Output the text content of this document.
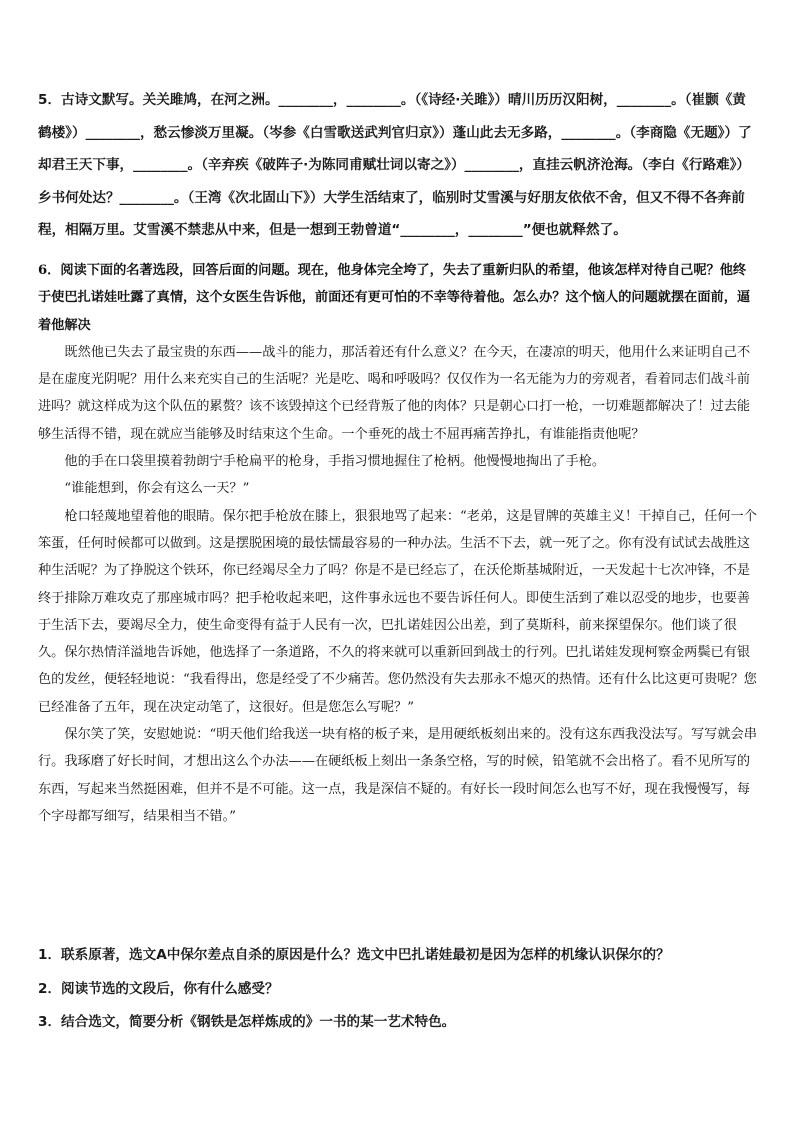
5．古诗文默写。关关雎鸠，在河之洲。________，________。（《诗经·关雎》）晴川历历汉阳树，________。（崔颢《黄鹤楼》）________，愁云惨淡万里凝。（岑参《白雪歌送武判官归京》）蓬山此去无多路，________。（李商隐《无题》）了却君王天下事，________。（辛弃疾《破阵子·为陈同甫赋壮词以寄之》）________，直挂云帆济沧海。（李白《行路难》）乡书何处达？________。（王湾《次北固山下》）大学生活结束了，临别时艾雪溪与好朋友依依不舍，但又不得不各奔前程，相隔万里。艾雪溪不禁悲从中来，但是一想到王勃曾道“________，________”便也就释然了。

6．阅读下面的名著选段，回答后面的问题。现在，他身体完全垮了，失去了重新归队的希望，他该怎样对待自己呢？他终于使巴扎诺娃吐露了真情，这个女医生告诉他，前面还有更可怕的不幸等待着他。怎么办？这个恼人的问题就摆在面前，逼着他解决

既然他已失去了最宝贵的东西——战斗的能力，那活着还有什么意义？在今天，在凄凉的明天，他用什么来证明自己不是在虚度光阴呢？用什么来充实自己的生活呢？光是吃、喝和呼吸吗？仅仅作为一名无能为力的旁观者，看着同志们战斗前进吗？就这样成为这个队伍的累赘？该不该毁掉这个已经背叛了他的肉体？只是朝心口打一枪，一切难题都解决了！过去能够生活得不错，现在就应当能够及时结束这个生命。一个垂死的战士不屈再痛苦挣扎，有谁能指责他呢？

他的手在口袋里摸着勃朗宁手枪扁平的枪身，手指习惯地握住了枪柄。他慢慢地掏出了手枪。

“谁能想到，你会有这么一天？”

枪口轻蔑地望着他的眼睛。保尔把手枪放在膝上，狠狠地骂了起来：“老弟，这是冒牌的英雄主义！干掉自己，任何一个笨蛋，任何时候都可以做到。这是摆脱困境的最怯懦最容易的一种办法。生活不下去，就一死了之。你有没有试试去战胜这种生活呢？为了挣脱这个铁环，你已经竭尽全力了吗？你是不是已经忘了，在沃伦斯基城附近，一天发起十七次冲锋，不是终于排除万难攻克了那座城市吗？把手枪收起来吧，这件事永远也不要告诉任何人。即使生活到了难以忍受的地步，也要善于生活下去，要竭尽全力，使生命变得有益于人民有一次，巴扎诺娃因公出差，到了莫斯科，前来探望保尔。他们谈了很久。保尔热情洋溢地告诉她，他选择了一条道路，不久的将来就可以重新回到战士的行列。巴扎诺娃发现柯察金两鬓已有银色的发丝，便轻轻地说：“我看得出，您是经受了不少痛苦。您仍然没有失去那永不熄灭的热情。还有什么比这更可贵呢？您已经准备了五年，现在决定动笔了，这很好。但是您怎么写呢？”

保尔笑了笑，安慰她说：“明天他们给我送一块有格的板子来，是用硬纸板刻出来的。没有这东西我没法写。写写就会串行。我琢磨了好长时间，才想出这么个办法——在硬纸板上刻出一条条空格，写的时候，铅笔就不会出格了。看不见所写的东西，写起来当然挺困难，但并不是不可能。这一点，我是深信不疑的。有好长一段时间怎么也写不好，现在我慢慢写，每个字母都写细写，结果相当不错。”

1．联系原著，选文A中保尔差点自杀的原因是什么？选文中巴扎诺娃最初是因为怎样的机缘认识保尔的？

2．阅读节选的文段后，你有什么感受？

3．结合选文，简要分析《钢铁是怎样炼成的》一书的某一艺术特色。
